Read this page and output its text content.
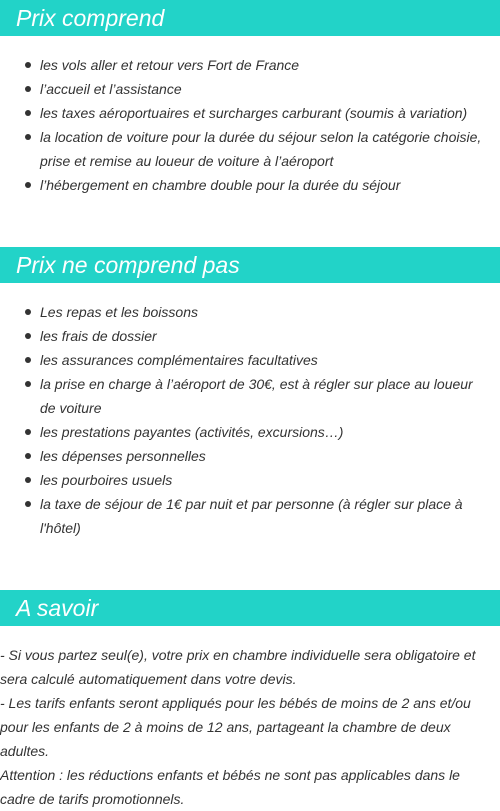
Prix comprend
les vols aller et retour vers Fort de France
l’accueil et l’assistance
les taxes aéroportuaires et surcharges carburant (soumis à variation)
la location de voiture pour la durée du séjour selon la catégorie choisie, prise et remise au loueur de voiture à l’aéroport
l’hébergement en chambre double pour la durée du séjour
Prix ne comprend pas
Les repas et les boissons
les frais de dossier
les assurances complémentaires facultatives
la prise en charge à l’aéroport de 30€, est à régler sur place au loueur de voiture
les prestations payantes (activités, excursions…)
les dépenses personnelles
les pourboires usuels
la taxe de séjour de 1€ par nuit et par personne (à régler sur place à l'hôtel)
A savoir

- Si vous partez seul(e), votre prix en chambre individuelle sera obligatoire et sera calculé automatiquement dans votre devis.

- Les tarifs enfants seront appliqués pour les bébés de moins de 2 ans et/ou pour les enfants de 2 à moins de 12 ans, partageant la chambre de deux adultes.

Attention : les réductions enfants et bébés ne sont pas applicables dans le cadre de tarifs promotionnels.
